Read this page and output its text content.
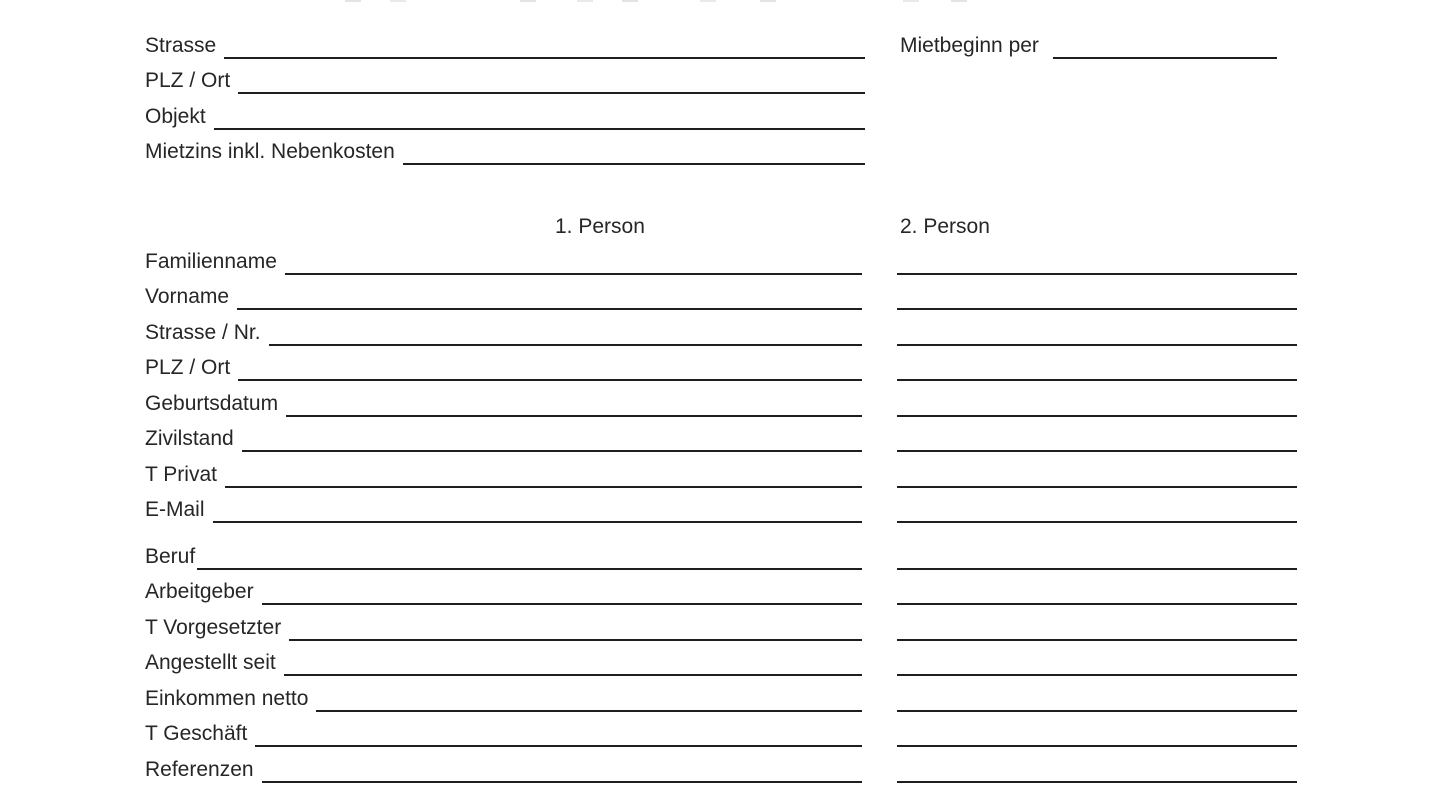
Strasse
PLZ / Ort
Objekt
Mietzins inkl. Nebenkosten
Mietbeginn per
1. Person	2. Person
Familienname
Vorname
Strasse / Nr.
PLZ / Ort
Geburtsdatum
Zivilstand
T Privat
E-Mail
Beruf
Arbeitgeber
T Vorgesetzter
Angestellt seit
Einkommen netto
T Geschäft
Referenzen
